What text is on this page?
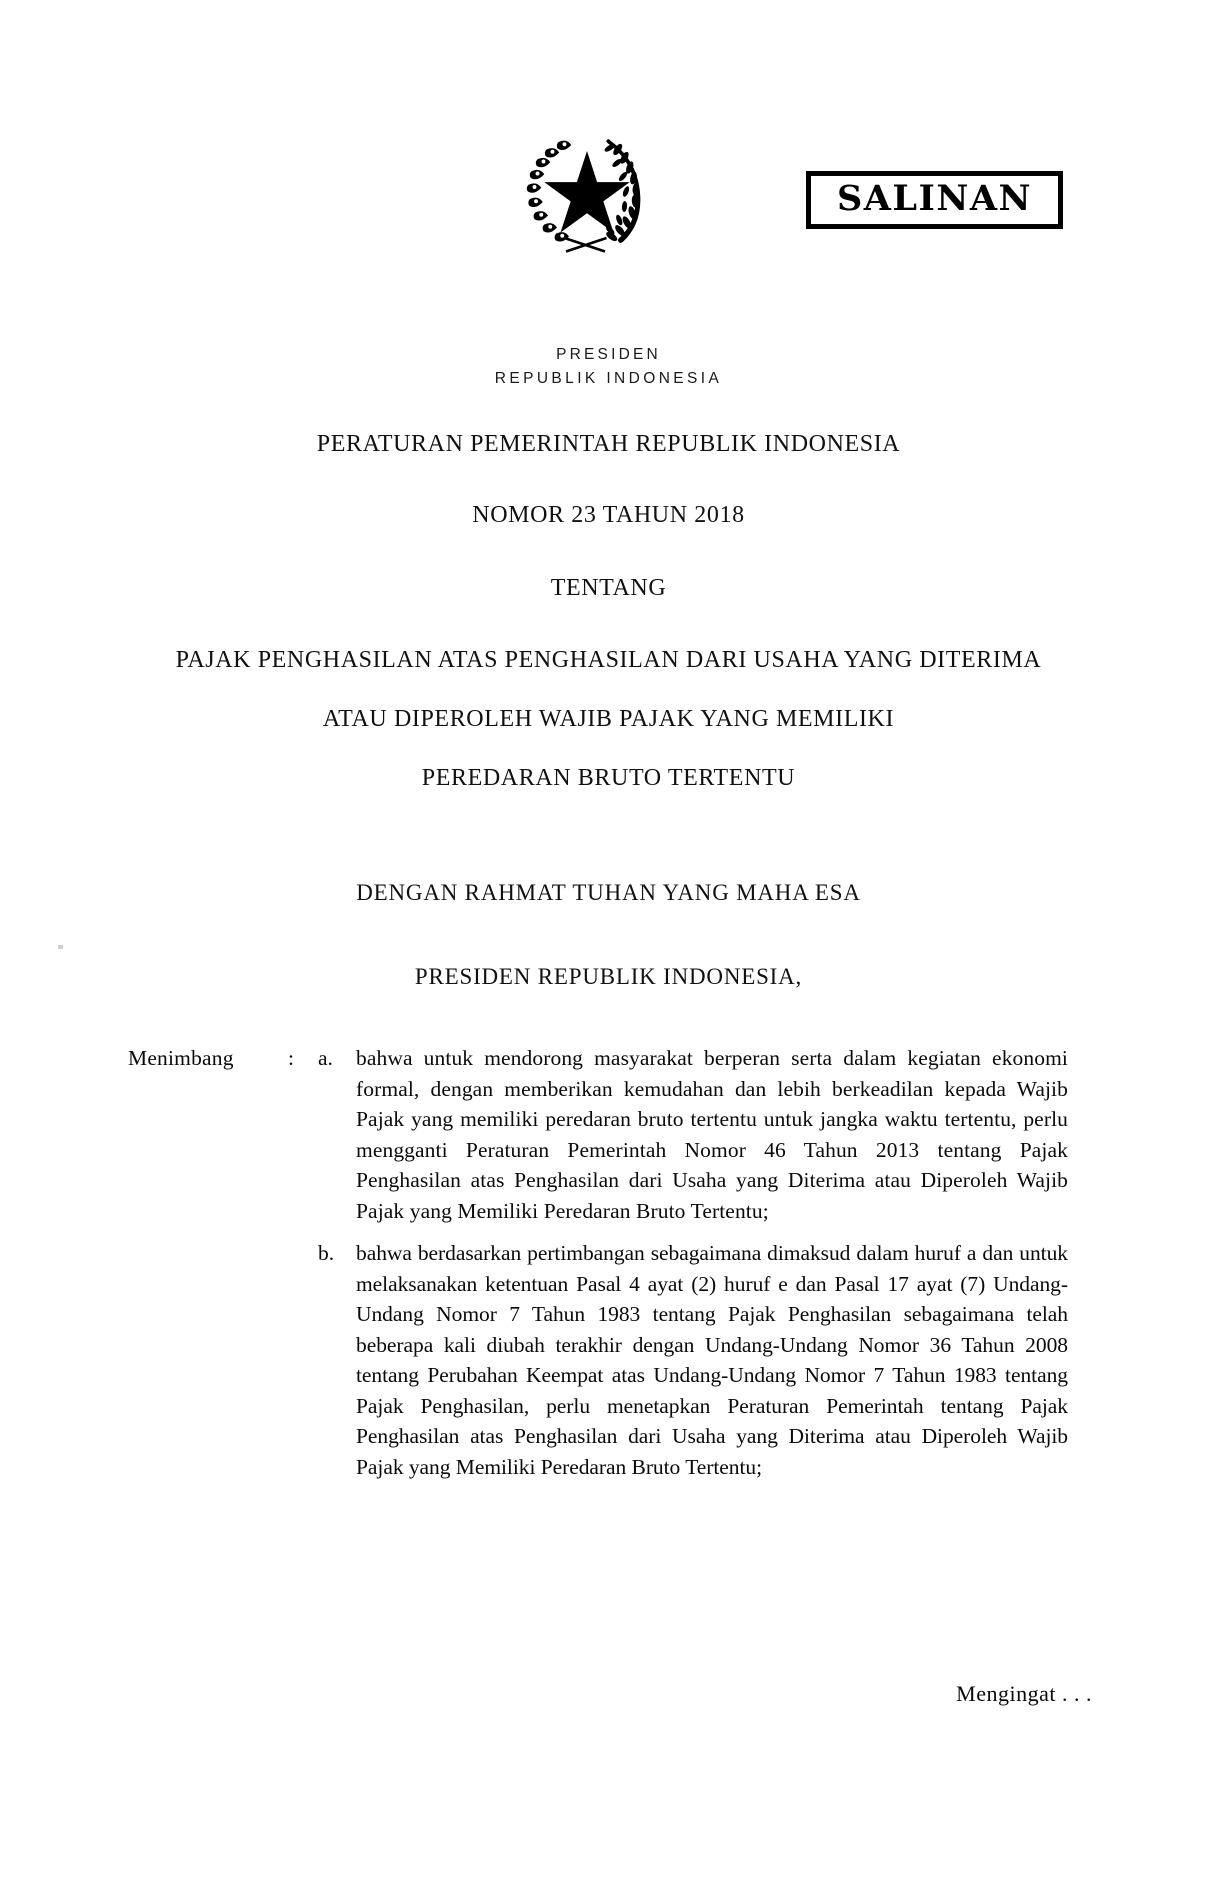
SALINAN
PRESIDEN
REPUBLIK INDONESIA
PERATURAN PEMERINTAH REPUBLIK INDONESIA
NOMOR 23 TAHUN 2018
TENTANG
PAJAK PENGHASILAN ATAS PENGHASILAN DARI USAHA YANG DITERIMA
ATAU DIPEROLEH WAJIB PAJAK YANG MEMILIKI
PEREDARAN BRUTO TERTENTU
DENGAN RAHMAT TUHAN YANG MAHA ESA
PRESIDEN REPUBLIK INDONESIA,
Menimbang	:	a.	bahwa untuk mendorong masyarakat berperan serta dalam kegiatan ekonomi formal, dengan memberikan kemudahan dan lebih berkeadilan kepada Wajib Pajak yang memiliki peredaran bruto tertentu untuk jangka waktu tertentu, perlu mengganti Peraturan Pemerintah Nomor 46 Tahun 2013 tentang Pajak Penghasilan atas Penghasilan dari Usaha yang Diterima atau Diperoleh Wajib Pajak yang Memiliki Peredaran Bruto Tertentu;
b.	bahwa berdasarkan pertimbangan sebagaimana dimaksud dalam huruf a dan untuk melaksanakan ketentuan Pasal 4 ayat (2) huruf e dan Pasal 17 ayat (7) Undang-Undang Nomor 7 Tahun 1983 tentang Pajak Penghasilan sebagaimana telah beberapa kali diubah terakhir dengan Undang-Undang Nomor 36 Tahun 2008 tentang Perubahan Keempat atas Undang-Undang Nomor 7 Tahun 1983 tentang Pajak Penghasilan, perlu menetapkan Peraturan Pemerintah tentang Pajak Penghasilan atas Penghasilan dari Usaha yang Diterima atau Diperoleh Wajib Pajak yang Memiliki Peredaran Bruto Tertentu;
Mengingat . . .
